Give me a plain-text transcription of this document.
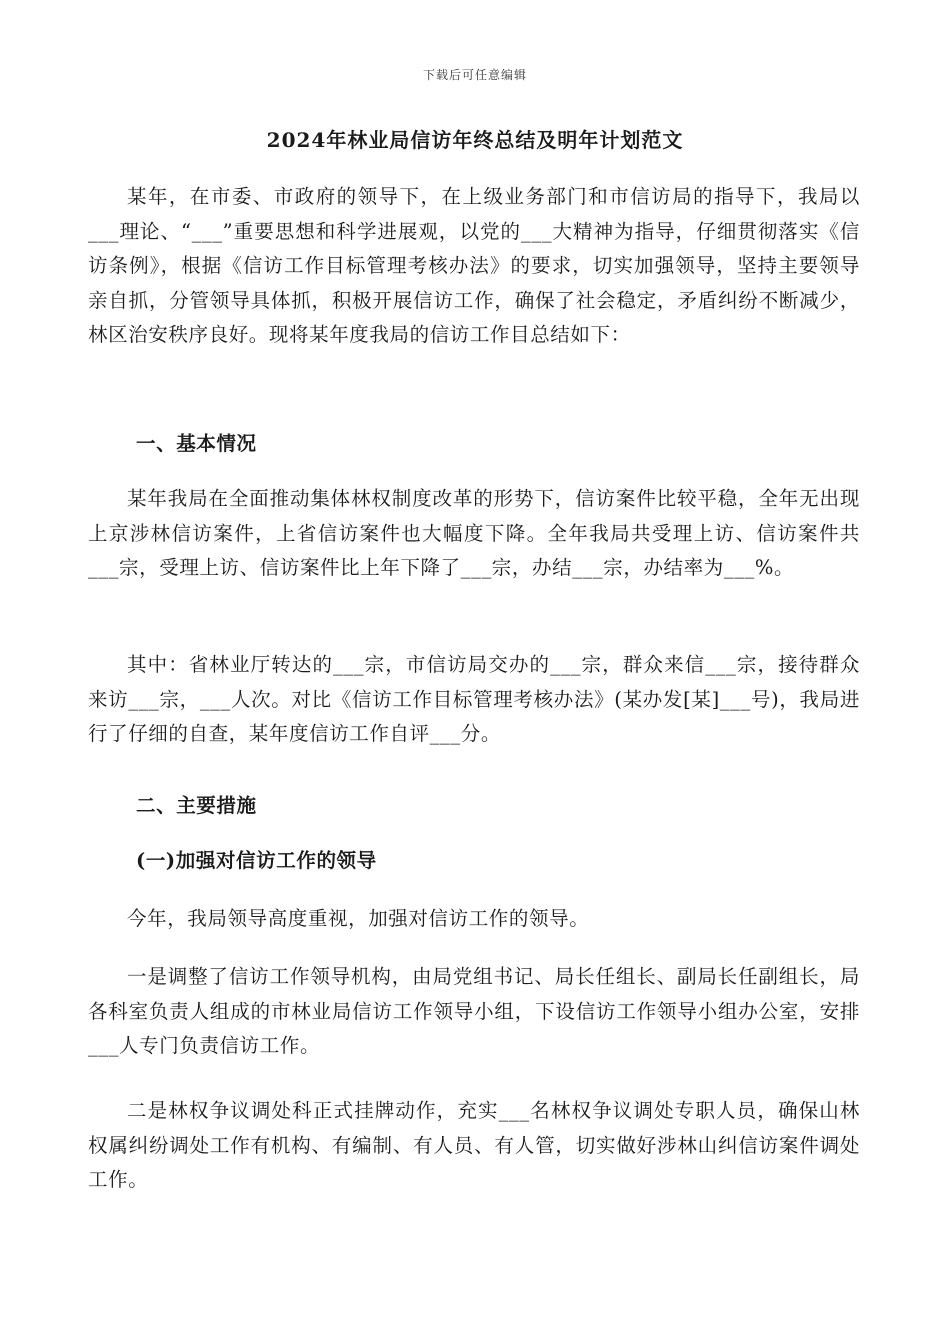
下载后可任意编辑
2024年林业局信访年终总结及明年计划范文

某年，在市委、市政府的领导下，在上级业务部门和市信访局的指导下，我局以___理论、“___”重要思想和科学进展观，以党的___大精神为指导，仔细贯彻落实《信访条例》，根据《信访工作目标管理考核办法》的要求，切实加强领导，坚持主要领导亲自抓，分管领导具体抓，积极开展信访工作，确保了社会稳定，矛盾纠纷不断减少，林区治安秩序良好。现将某年度我局的信访工作目总结如下：

一、基本情况

某年我局在全面推动集体林权制度改革的形势下，信访案件比较平稳，全年无出现上京涉林信访案件，上省信访案件也大幅度下降。全年我局共受理上访、信访案件共___宗，受理上访、信访案件比上年下降了___宗，办结___宗，办结率为___%。

其中：省林业厅转达的___宗，市信访局交办的___宗，群众来信___宗，接待群众来访___宗，___人次。对比《信访工作目标管理考核办法》(某办发[某]___号)，我局进行了仔细的自查，某年度信访工作自评___分。

二、主要措施
(一)加强对信访工作的领导

今年，我局领导高度重视，加强对信访工作的领导。

一是调整了信访工作领导机构，由局党组书记、局长任组长、副局长任副组长，局各科室负责人组成的市林业局信访工作领导小组，下设信访工作领导小组办公室，安排___人专门负责信访工作。

二是林权争议调处科正式挂牌动作，充实___名林权争议调处专职人员，确保山林权属纠纷调处工作有机构、有编制、有人员、有人管，切实做好涉林山纠信访案件调处工作。
